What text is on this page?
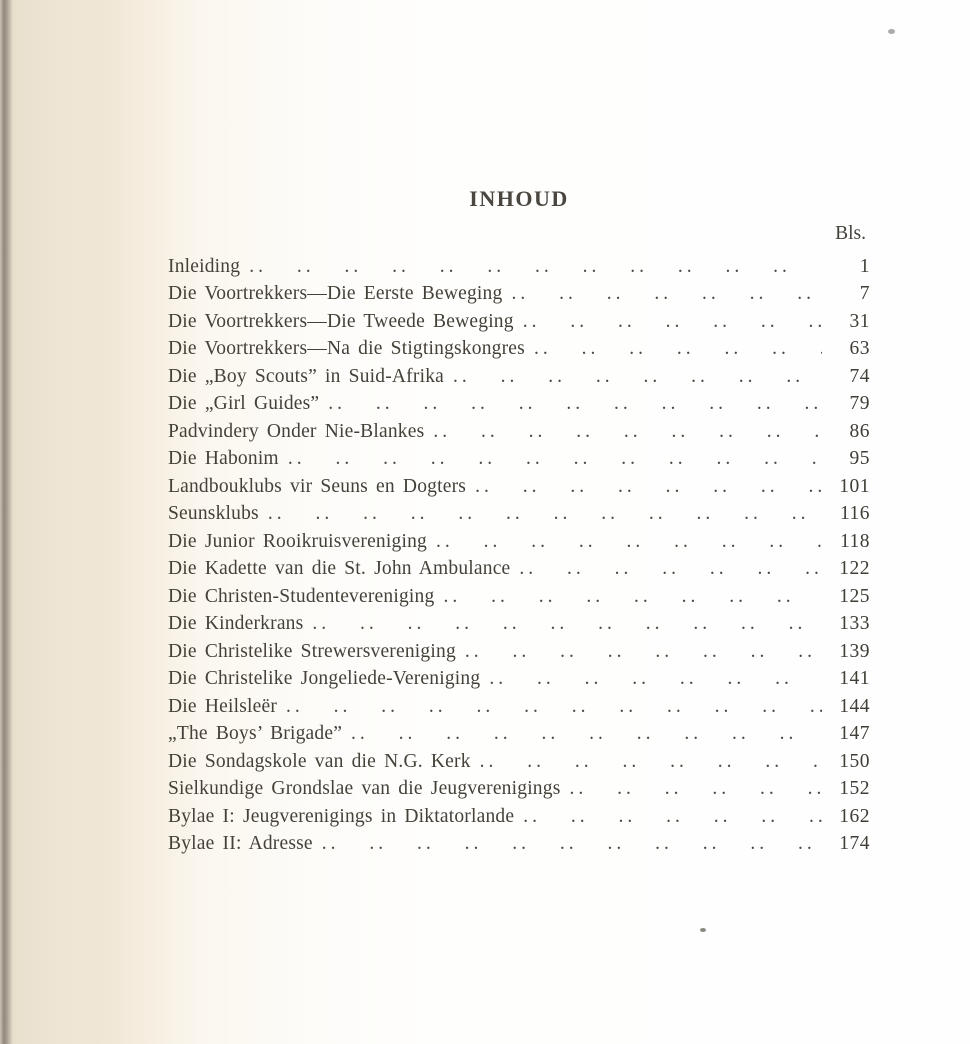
INHOUD
Bls.
Inleiding .. ..	1
Die Voortrekkers—Die Eerste Beweging .. ..	7
Die Voortrekkers—Die Tweede Beweging .. ..	31
Die Voortrekkers—Na die Stigtingskongres .. ..	63
Die „Boy Scouts” in Suid-Afrika .. ..	74
Die „Girl Guides” .. ..	79
Padvindery Onder Nie-Blankes .. ..	86
Die Habonim .. ..	95
Landbouklubs vir Seuns en Dogters .. ..	101
Seunsklubs .. ..	116
Die Junior Rooikruisvereniging .. ..	118
Die Kadette van die St. John Ambulance .. ..	122
Die Christen-Studentevereniging .. ..	125
Die Kinderkrans .. ..	133
Die Christelike Strewersvereniging .. ..	139
Die Christelike Jongeliede-Vereniging .. ..	141
Die Heilsleër .. ..	144
„The Boys’ Brigade” .. ..	147
Die Sondagskole van die N.G. Kerk .. ..	150
Sielkundige Grondslae van die Jeugverenigings .. ..	152
Bylae I: Jeugverenigings in Diktatorlande .. ..	162
Bylae II: Adresse .. ..	174
